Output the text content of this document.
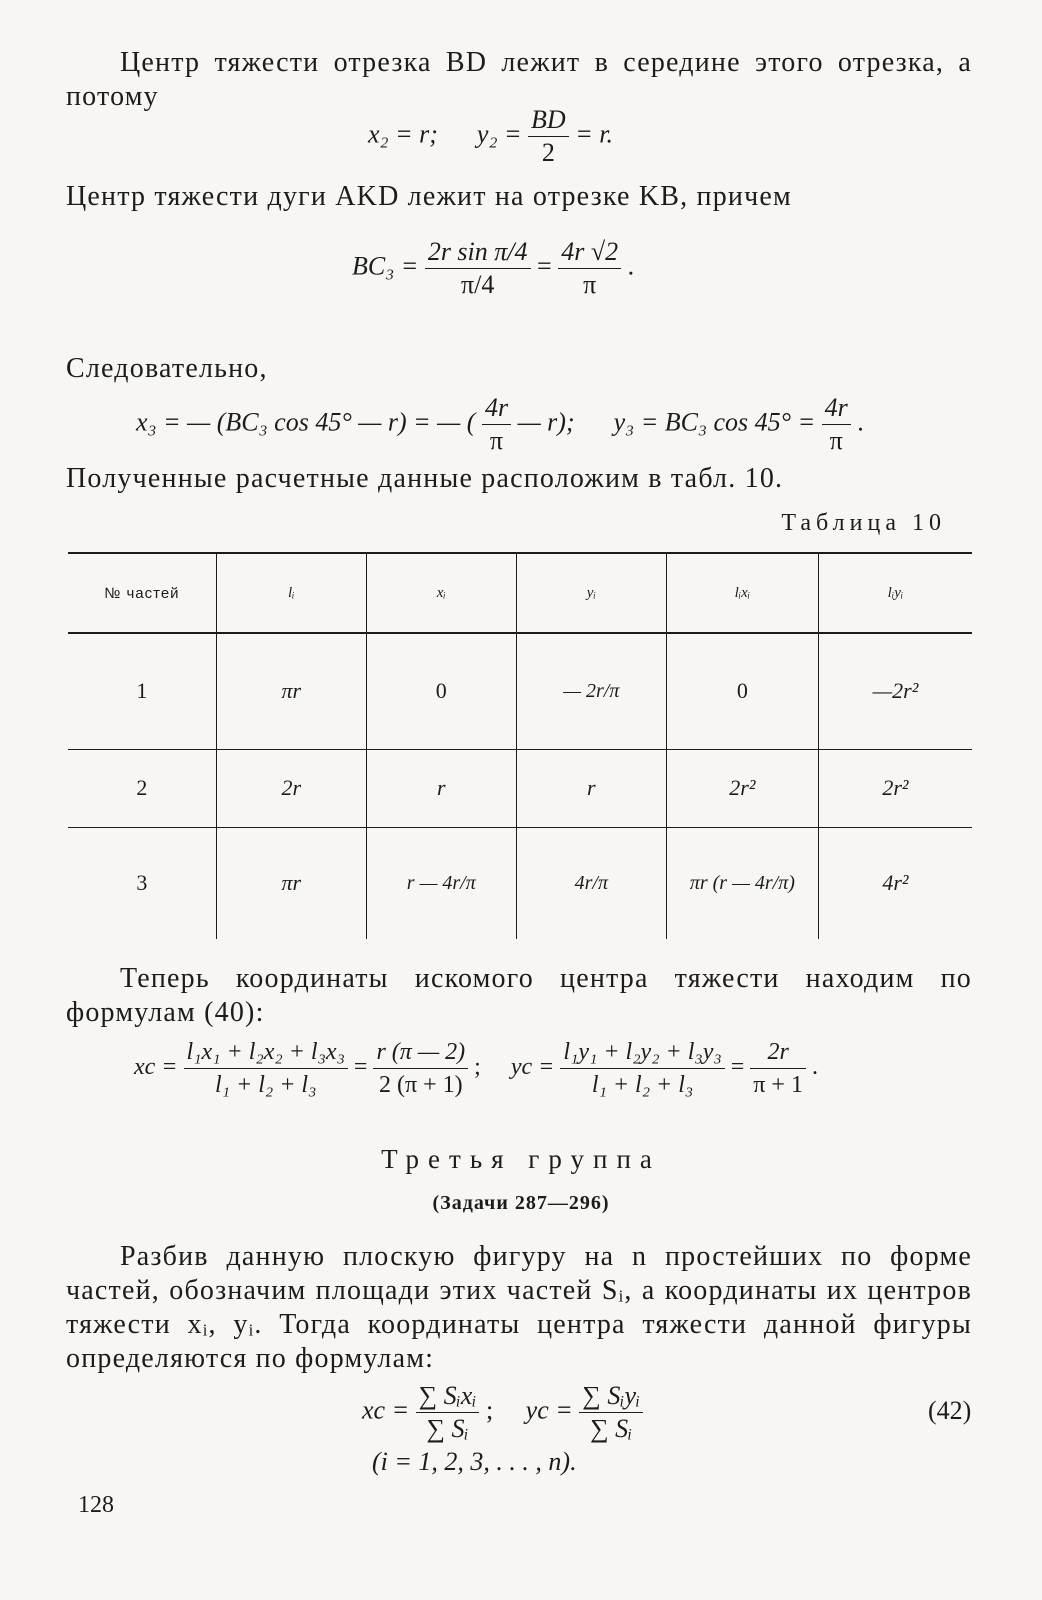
Центр тяжести отрезка BD лежит в середине этого отрезка, а потому
x₂ = r; $y_2 = \frac{BD}{2} = r$.
Центр тяжести дуги AKD лежит на отрезке KB, причем
$BC_3 = \frac{\text{2r sin π/4}}{\pi/4} = \frac{4r √2}{\pi}$ .
Следовательно,
x₃ = — (BC₃ cos 45° — r) = — ( $\frac{4r}{\pi}$ — r); y₃ = BC₃ $\cos 45^\circ = \frac{4r}{\pi}$ .
Полученные расчетные данные расположим в табл. 10.
Таблица 10
№ частей	lᵢ	xᵢ	yᵢ	lᵢxᵢ	lᵢyᵢ
1	πr	0	— 2r/π	0	—2r²
2	2r	r	r	2r²	2r²
3	πr	r — 4r/π	4r/π	πr (r — 4r/π)	4r²
Теперь координаты искомого центра тяжести находим по формулам (40):
xc = $\frac{\text{l₁x₁ + l₂x₂ + l₃x₃}}{\text{l₁ + l₂ + l₃}} = \frac{r (\pi — 2)}{2 (\pi + 1)}$ ; yc = $\frac{\text{l₁y₁ + l₂y₂ + l₃y₃}}{\text{l₁ + l₂ + l₃}} = \frac{2r}{\pi + 1}$ .
Третья группа
(Задачи 287—296)
Разбив данную плоскую фигуру на n простейших по форме частей, обозначим площади этих частей Sᵢ, а координаты их центров тяжести xᵢ, yᵢ. Тогда координаты центра тяжести данной фигуры определяются по формулам:
xc = $\frac{\text{∑ Sᵢxᵢ}}{\text{∑ Sᵢ}}$ ; yc = $\frac{\text{∑ Sᵢyᵢ}}{\text{∑ Sᵢ}}$	(42)
(i = 1, 2, 3, . . . , n).
128
